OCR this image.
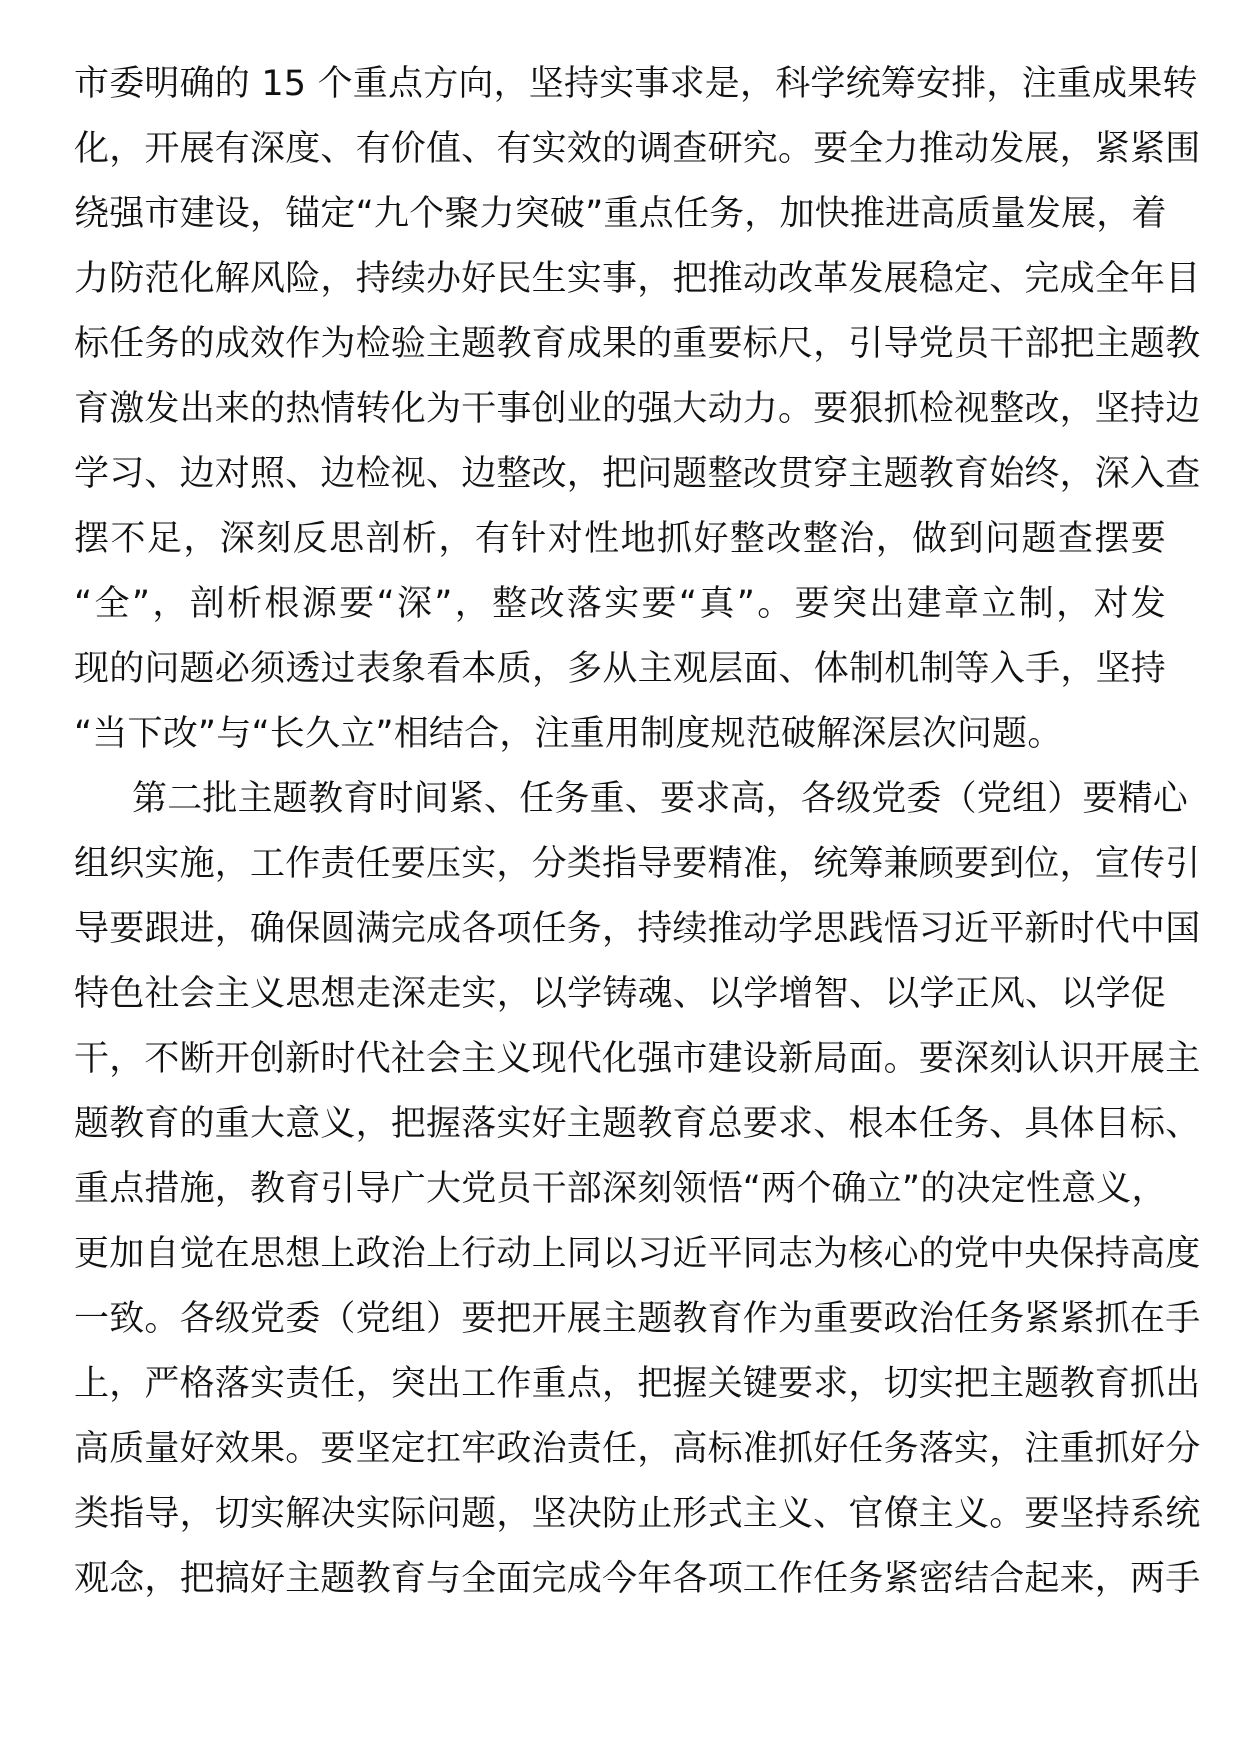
市委明确的 15 个重点方向，坚持实事求是，科学统筹安排，注重成果转
化，开展有深度、有价值、有实效的调查研究。要全力推动发展，紧紧围
绕强市建设，锚定“九个聚力突破”重点任务，加快推进高质量发展，着
力防范化解风险，持续办好民生实事，把推动改革发展稳定、完成全年目
标任务的成效作为检验主题教育成果的重要标尺，引导党员干部把主题教
育激发出来的热情转化为干事创业的强大动力。要狠抓检视整改，坚持边
学习、边对照、边检视、边整改，把问题整改贯穿主题教育始终，深入查
摆不足，深刻反思剖析，有针对性地抓好整改整治，做到问题查摆要
“全”，剖析根源要“深”，整改落实要“真”。要突出建章立制，对发
现的问题必须透过表象看本质，多从主观层面、体制机制等入手，坚持
“当下改”与“长久立”相结合，注重用制度规范破解深层次问题。
第二批主题教育时间紧、任务重、要求高，各级党委（党组）要精心
组织实施，工作责任要压实，分类指导要精准，统筹兼顾要到位，宣传引
导要跟进，确保圆满完成各项任务，持续推动学思践悟习近平新时代中国
特色社会主义思想走深走实，以学铸魂、以学增智、以学正风、以学促
干，不断开创新时代社会主义现代化强市建设新局面。要深刻认识开展主
题教育的重大意义，把握落实好主题教育总要求、根本任务、具体目标、
重点措施，教育引导广大党员干部深刻领悟“两个确立”的决定性意义，
更加自觉在思想上政治上行动上同以习近平同志为核心的党中央保持高度
一致。各级党委（党组）要把开展主题教育作为重要政治任务紧紧抓在手
上，严格落实责任，突出工作重点，把握关键要求，切实把主题教育抓出
高质量好效果。要坚定扛牢政治责任，高标准抓好任务落实，注重抓好分
类指导，切实解决实际问题，坚决防止形式主义、官僚主义。要坚持系统
观念，把搞好主题教育与全面完成今年各项工作任务紧密结合起来，两手
